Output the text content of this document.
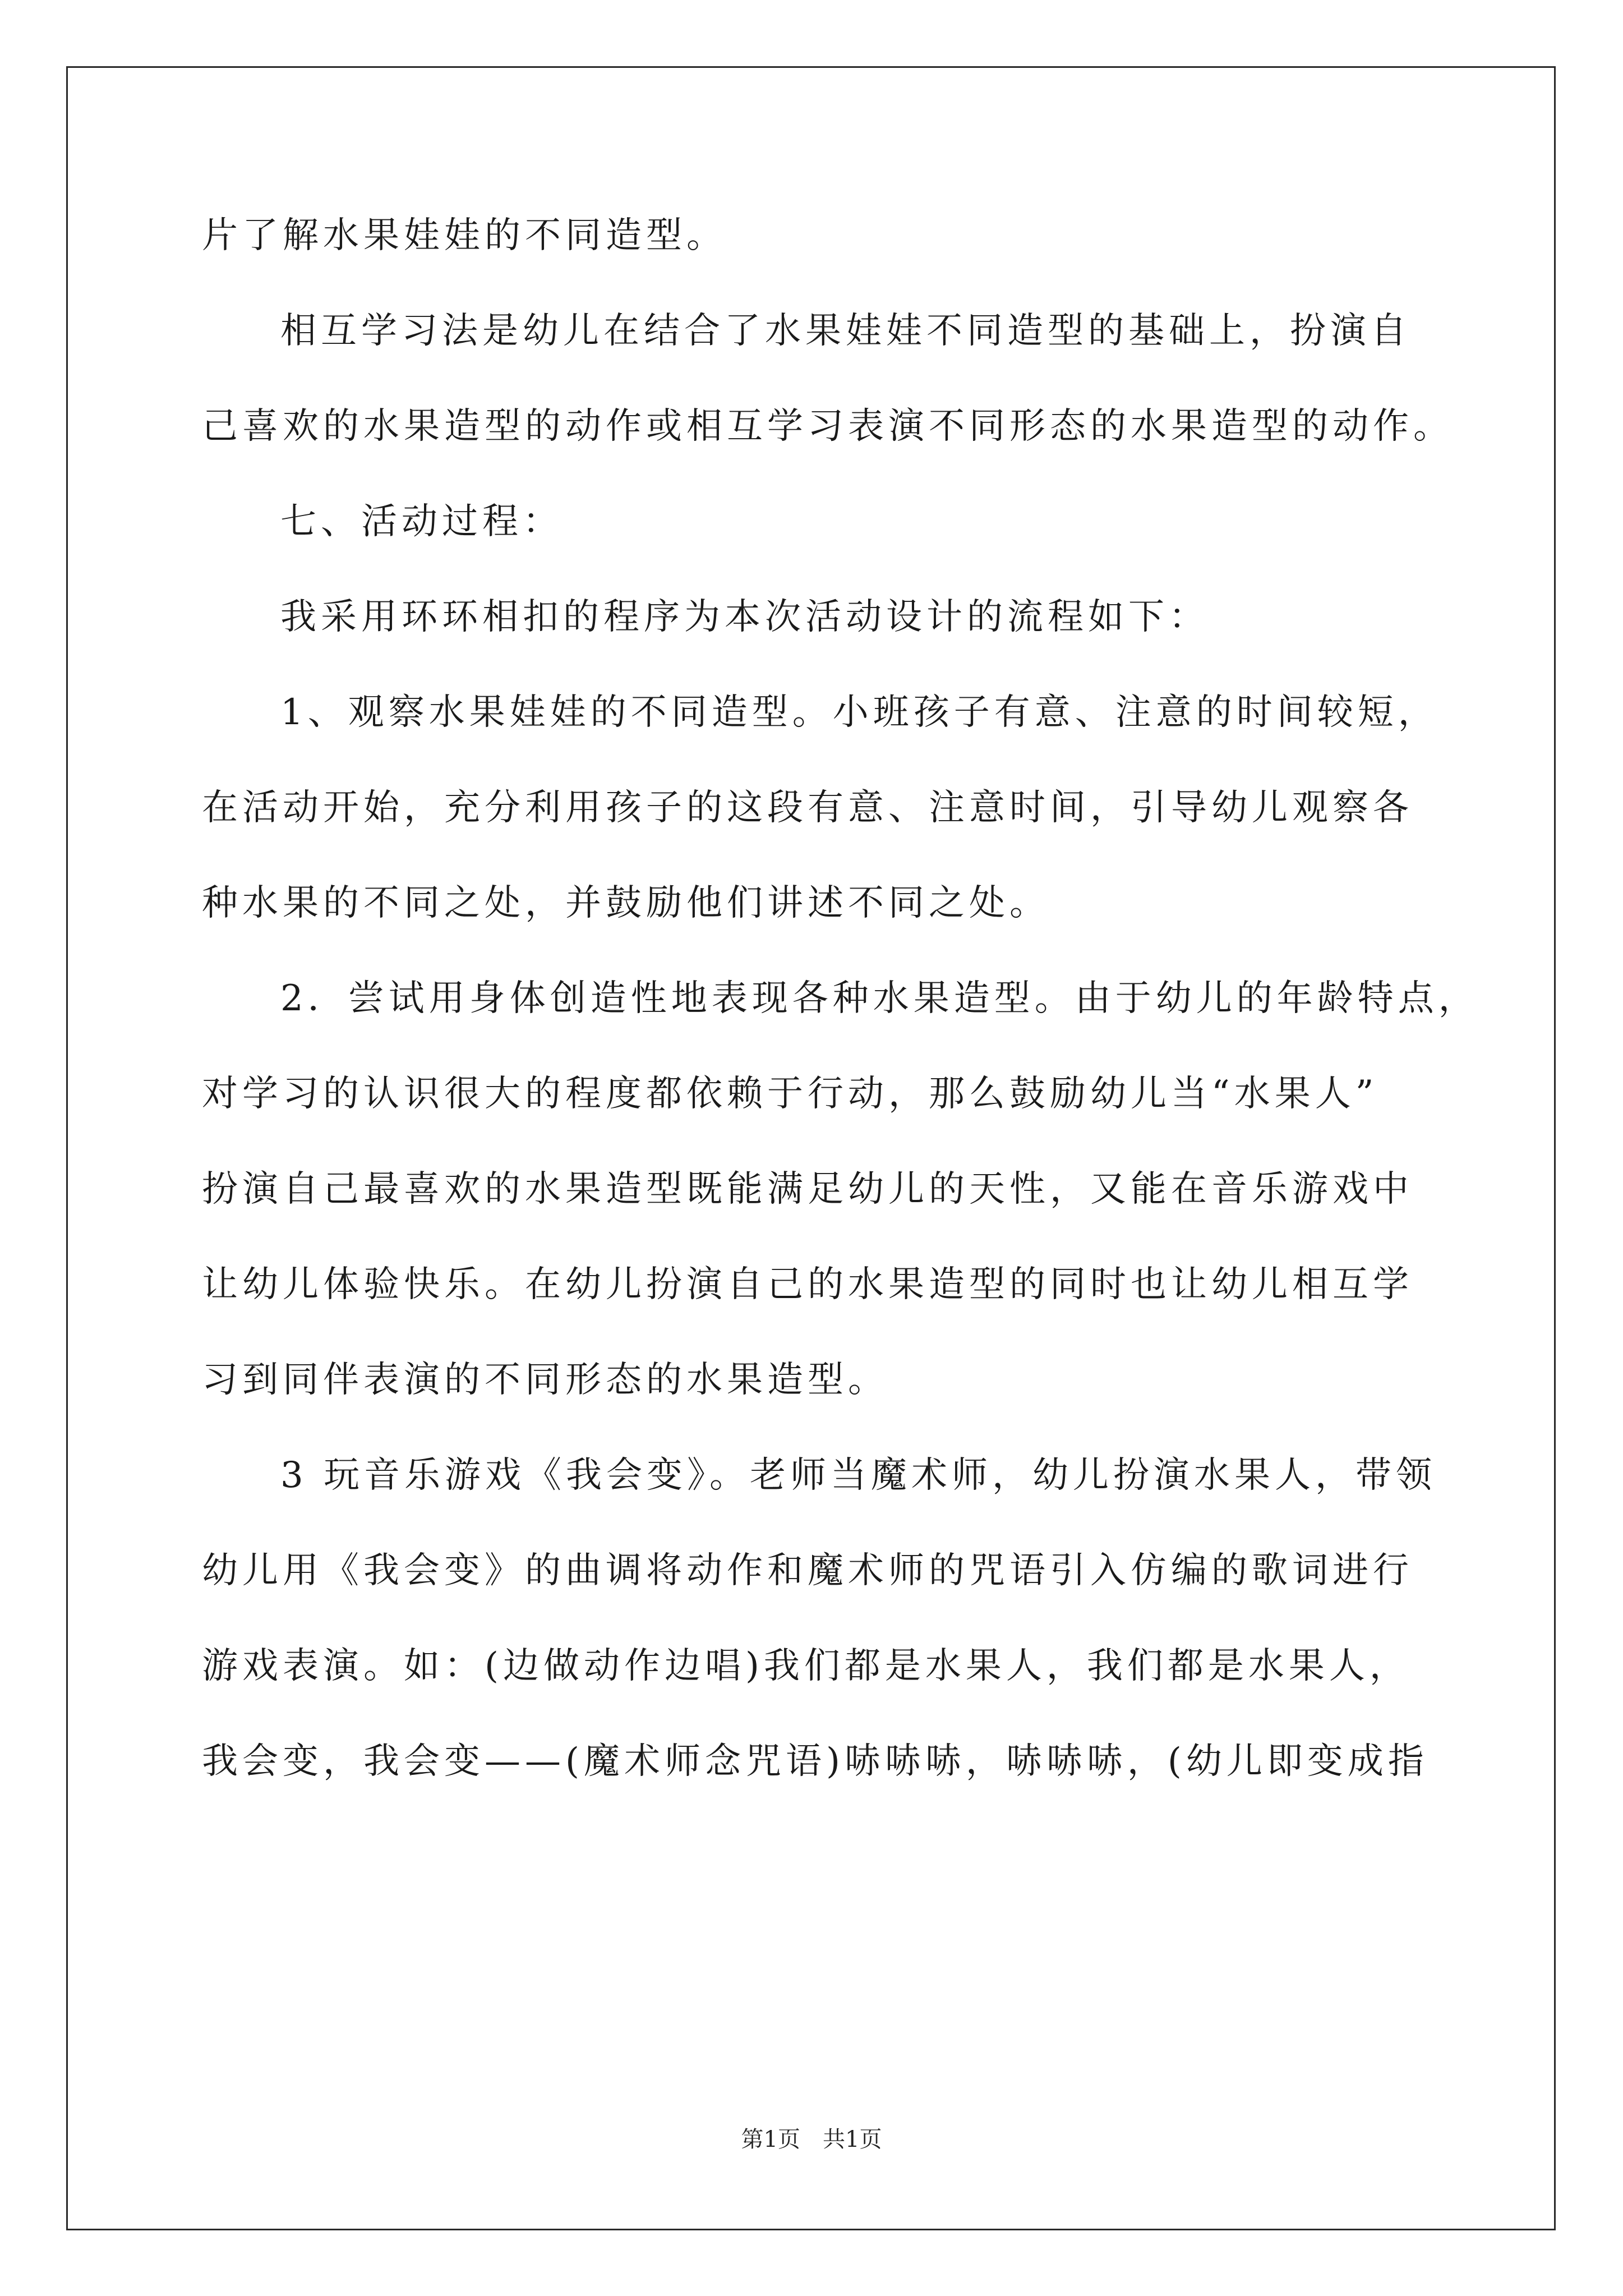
片了解水果娃娃的不同造型。
相互学习法是幼儿在结合了水果娃娃不同造型的基础上，扮演自
己喜欢的水果造型的动作或相互学习表演不同形态的水果造型的动作。
七、活动过程：
我采用环环相扣的程序为本次活动设计的流程如下：
1、观察水果娃娃的不同造型。小班孩子有意、注意的时间较短，
在活动开始，充分利用孩子的这段有意、注意时间，引导幼儿观察各
种水果的不同之处，并鼓励他们讲述不同之处。
2．尝试用身体创造性地表现各种水果造型。由于幼儿的年龄特点，
对学习的认识很大的程度都依赖于行动，那么鼓励幼儿当“水果人”
扮演自己最喜欢的水果造型既能满足幼儿的天性，又能在音乐游戏中
让幼儿体验快乐。在幼儿扮演自己的水果造型的同时也让幼儿相互学
习到同伴表演的不同形态的水果造型。
3 玩音乐游戏《我会变》。老师当魔术师，幼儿扮演水果人，带领
幼儿用《我会变》的曲调将动作和魔术师的咒语引入仿编的歌词进行
游戏表演。如：(边做动作边唱)我们都是水果人，我们都是水果人，
我会变，我会变——(魔术师念咒语)哧哧哧，哧哧哧，(幼儿即变成指
第1页　共1页
